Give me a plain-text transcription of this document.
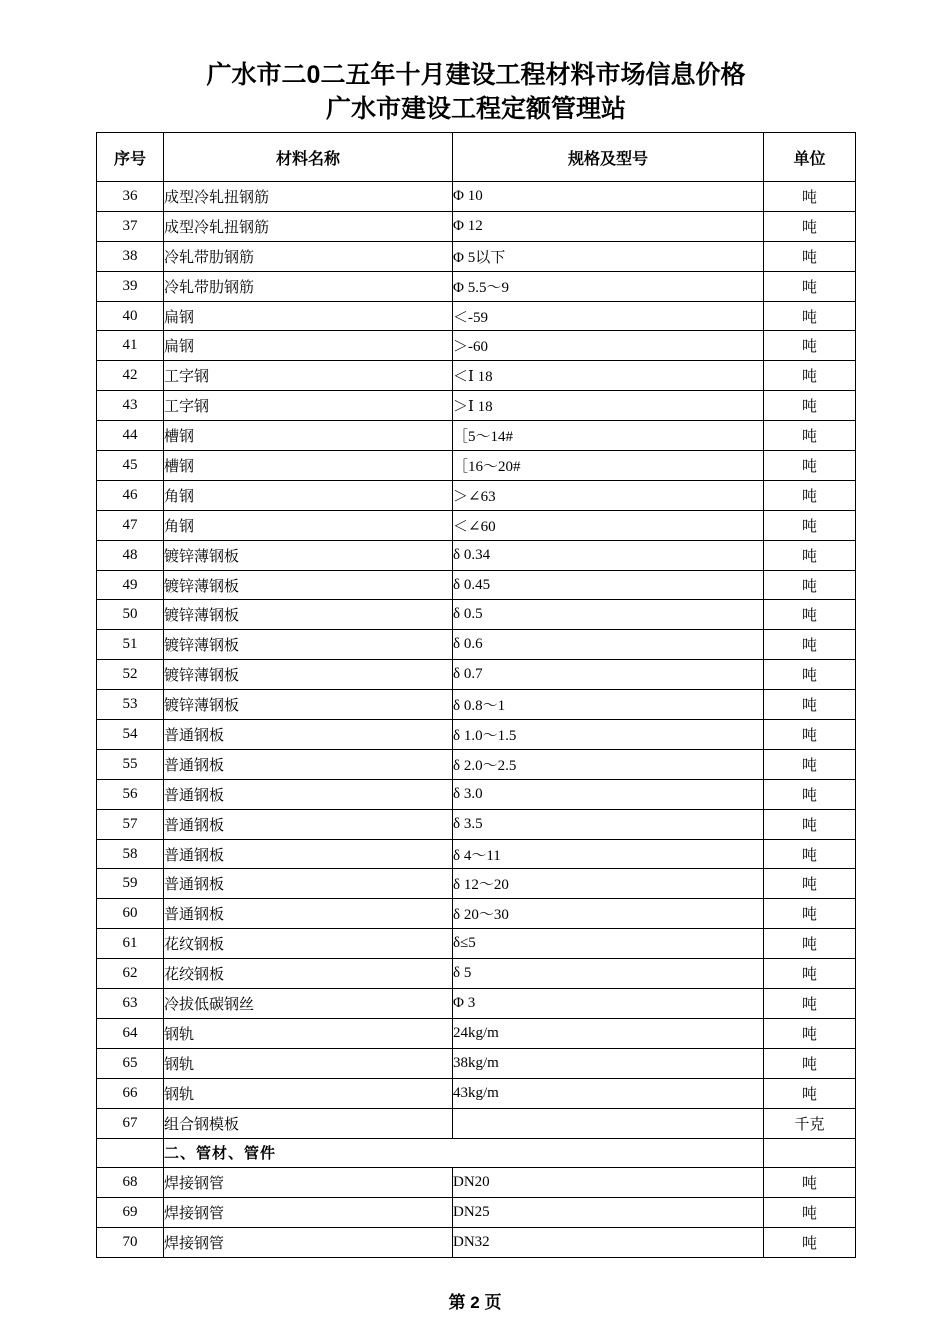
广水市二0二五年十月建设工程材料市场信息价格
广水市建设工程定额管理站
序号	材料名称	规格及型号	单位
36	成型冷轧扭钢筋	Φ 10	吨
37	成型冷轧扭钢筋	Φ 12	吨
38	冷轧带肋钢筋	Φ 5以下	吨
39	冷轧带肋钢筋	Φ 5.5～9	吨
40	扁钢	＜-59	吨
41	扁钢	＞-60	吨
42	工字钢	＜Ⅰ 18	吨
43	工字钢	＞Ⅰ 18	吨
44	槽钢	［5～14#	吨
45	槽钢	［16～20#	吨
46	角钢	＞∠63	吨
47	角钢	＜∠60	吨
48	镀锌薄钢板	δ 0.34	吨
49	镀锌薄钢板	δ 0.45	吨
50	镀锌薄钢板	δ 0.5	吨
51	镀锌薄钢板	δ 0.6	吨
52	镀锌薄钢板	δ 0.7	吨
53	镀锌薄钢板	δ 0.8～1	吨
54	普通钢板	δ 1.0～1.5	吨
55	普通钢板	δ 2.0～2.5	吨
56	普通钢板	δ 3.0	吨
57	普通钢板	δ 3.5	吨
58	普通钢板	δ 4～11	吨
59	普通钢板	δ 12～20	吨
60	普通钢板	δ 20～30	吨
61	花纹钢板	δ≤5	吨
62	花绞钢板	δ 5	吨
63	冷拔低碳钢丝	Φ 3	吨
64	钢轨	24kg/m	吨
65	钢轨	38kg/m	吨
66	钢轨	43kg/m	吨
67	组合钢模板		千克
	二、管材、管件		
68	焊接钢管	DN20	吨
69	焊接钢管	DN25	吨
70	焊接钢管	DN32	吨
第 2 页
